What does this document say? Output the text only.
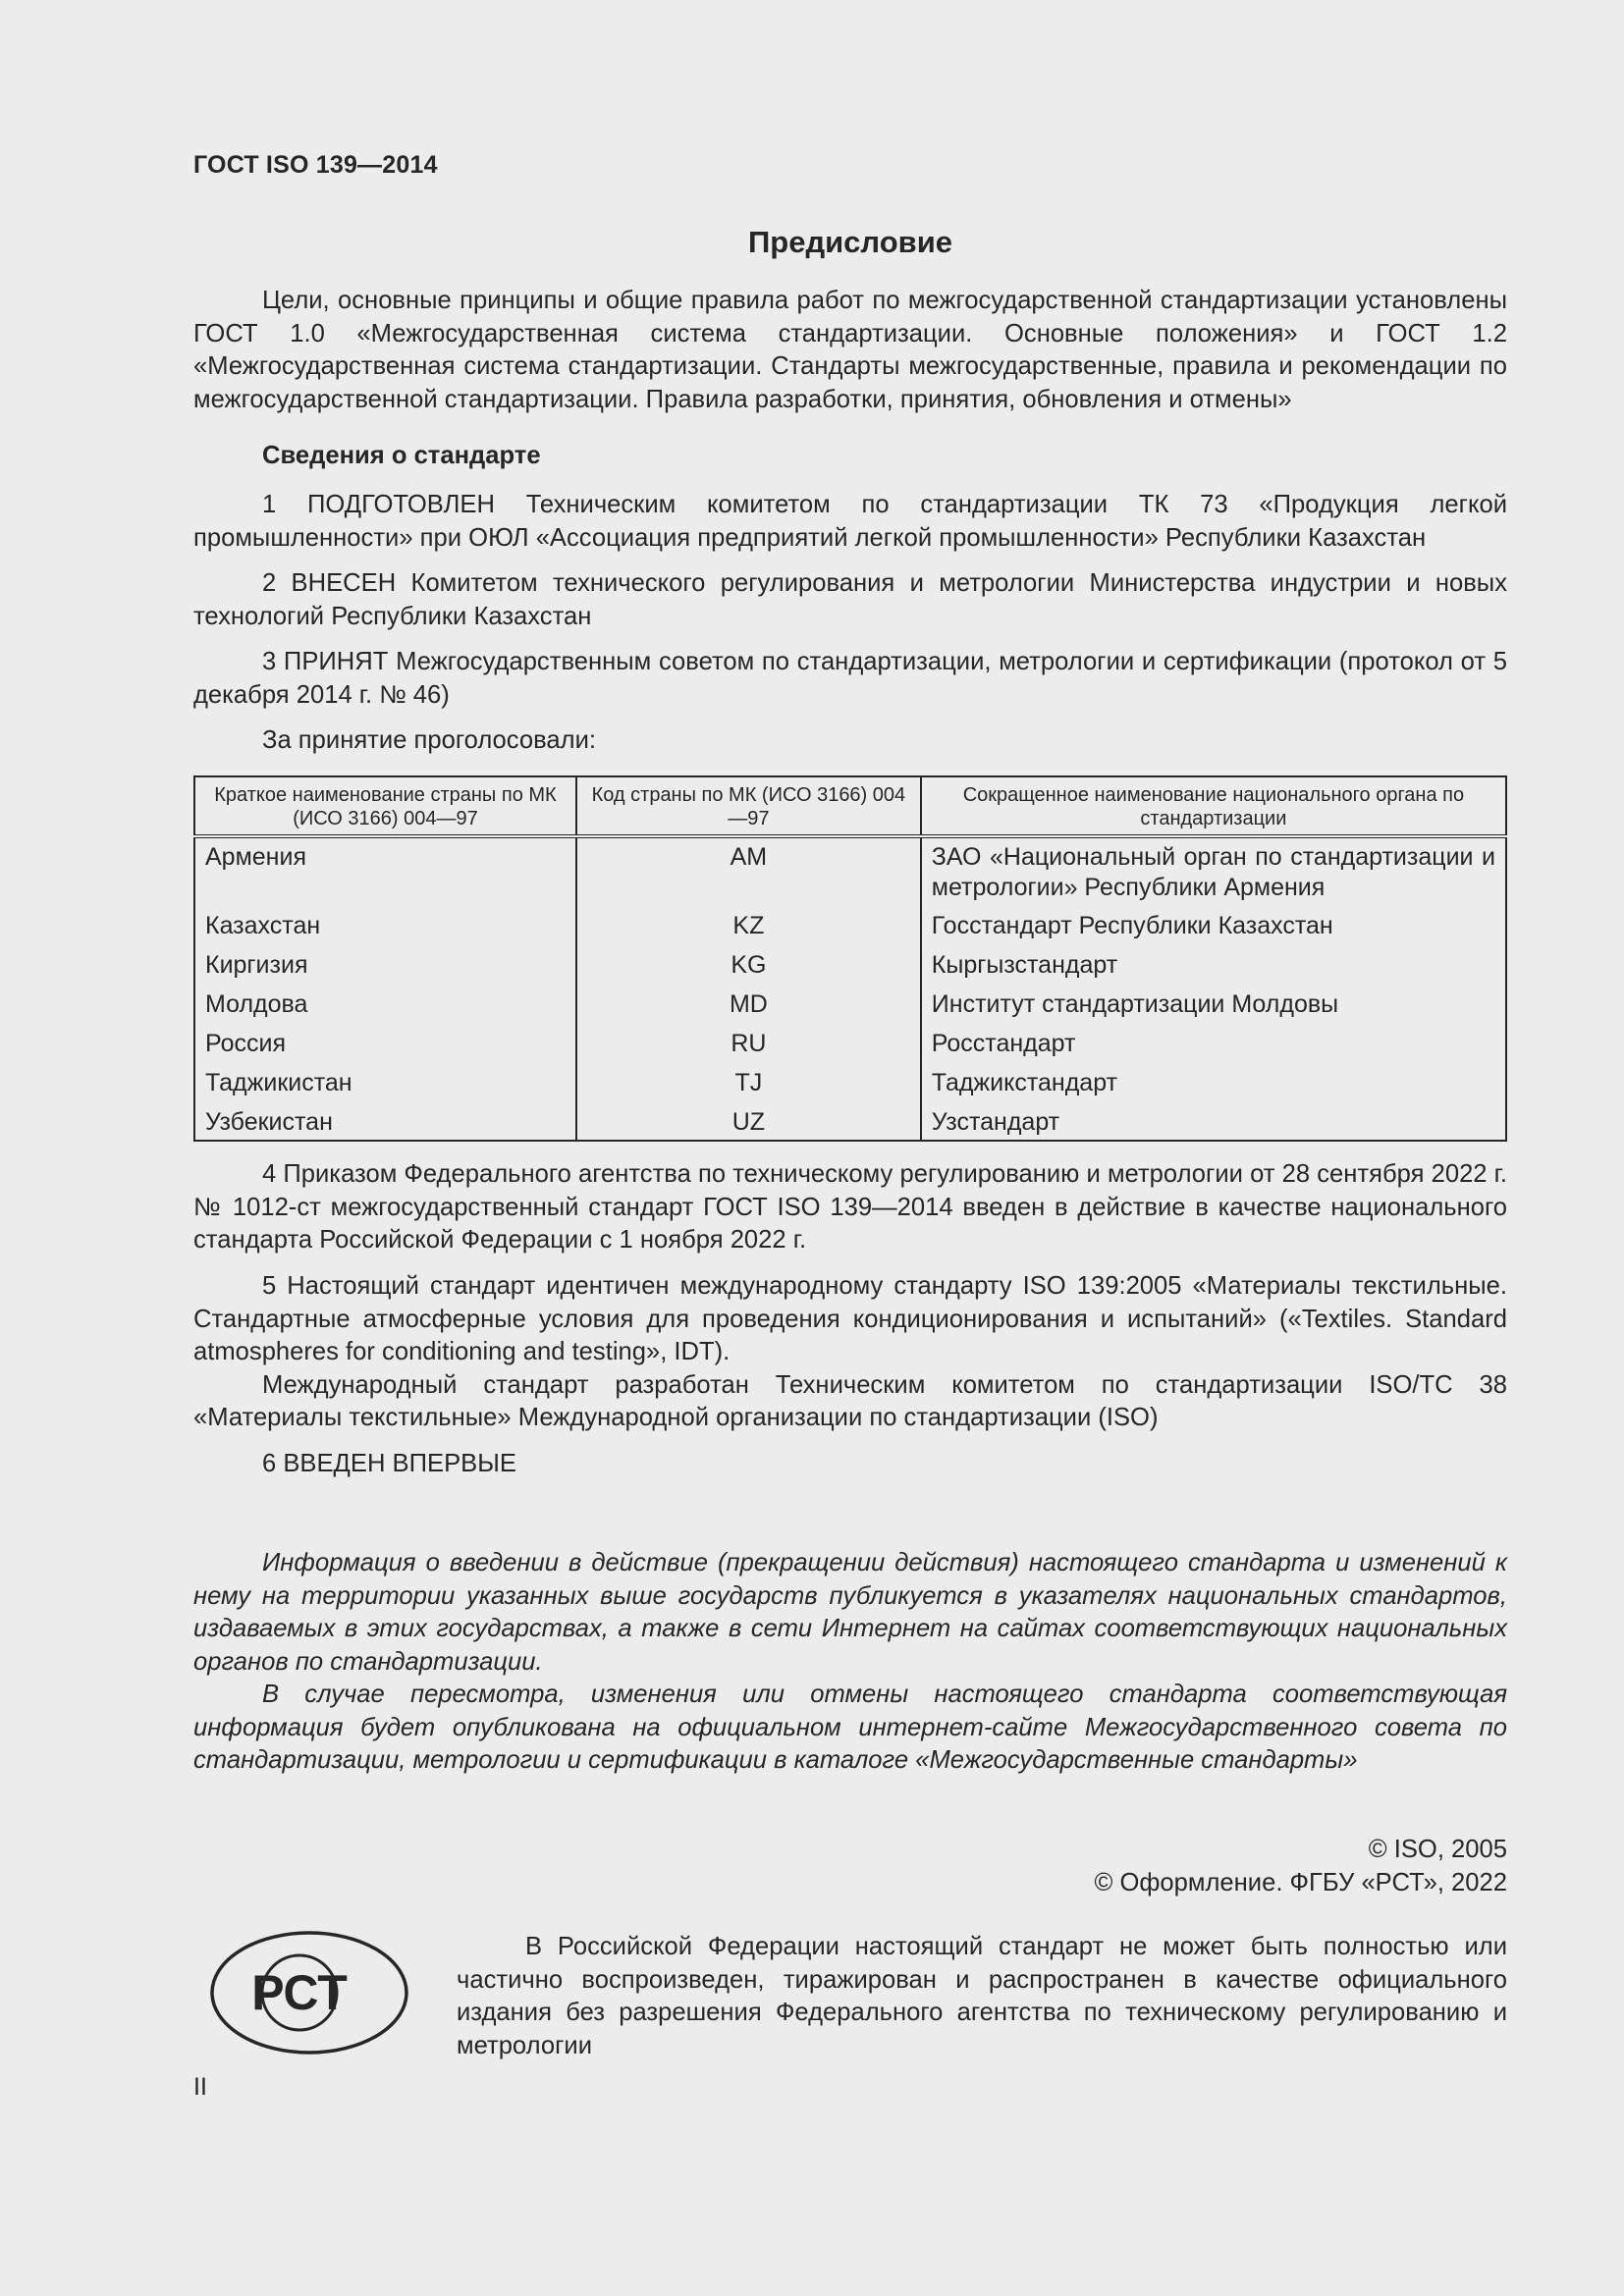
ГОСТ ISO 139—2014
Предисловие

Цели, основные принципы и общие правила работ по межгосударственной стандартизации установлены ГОСТ 1.0 «Межгосударственная система стандартизации. Основные положения» и ГОСТ 1.2 «Межгосударственная система стандартизации. Стандарты межгосударственные, правила и рекомендации по межгосударственной стандартизации. Правила разработки, принятия, обновления и отмены»

Сведения о стандарте

1 ПОДГОТОВЛЕН Техническим комитетом по стандартизации ТК 73 «Продукция легкой промышленности» при ОЮЛ «Ассоциация предприятий легкой промышленности» Республики Казахстан

2 ВНЕСЕН Комитетом технического регулирования и метрологии Министерства индустрии и новых технологий Республики Казахстан

3 ПРИНЯТ Межгосударственным советом по стандартизации, метрологии и сертификации (протокол от 5 декабря 2014 г. № 46)

За принятие проголосовали:

Краткое наименование страны по МК (ИСО 3166) 004—97	Код страны по МК (ИСО 3166) 004—97	Сокращенное наименование национального органа по стандартизации
Армения	AM	ЗАО «Национальный орган по стандартизации и метрологии» Республики Армения
Казахстан	KZ	Госстандарт Республики Казахстан
Киргизия	KG	Кыргызстандарт
Молдова	MD	Институт стандартизации Молдовы
Россия	RU	Росстандарт
Таджикистан	TJ	Таджикстандарт
Узбекистан	UZ	Узстандарт

4 Приказом Федерального агентства по техническому регулированию и метрологии от 28 сентября 2022 г. № 1012-ст межгосударственный стандарт ГОСТ ISO 139—2014 введен в действие в качестве национального стандарта Российской Федерации с 1 ноября 2022 г.

5 Настоящий стандарт идентичен международному стандарту ISO 139:2005 «Материалы текстильные. Стандартные атмосферные условия для проведения кондиционирования и испытаний» («Textiles. Standard atmospheres for conditioning and testing», IDT).

Международный стандарт разработан Техническим комитетом по стандартизации ISO/TC 38 «Материалы текстильные» Международной организации по стандартизации (ISO)

6 ВВЕДЕН ВПЕРВЫЕ

Информация о введении в действие (прекращении действия) настоящего стандарта и изменений к нему на территории указанных выше государств публикуется в указателях национальных стандартов, издаваемых в этих государствах, а также в сети Интернет на сайтах соответствующих национальных органов по стандартизации.

В случае пересмотра, изменения или отмены настоящего стандарта соответствующая информация будет опубликована на официальном интернет-сайте Межгосударственного совета по стандартизации, метрологии и сертификации в каталоге «Межгосударственные стандарты»

© ISO, 2005
© Оформление. ФГБУ «РСТ», 2022
РСТ

В Российской Федерации настоящий стандарт не может быть полностью или частично воспроизведен, тиражирован и распространен в качестве официального издания без разрешения Федерального агентства по техническому регулированию и метрологии

II
